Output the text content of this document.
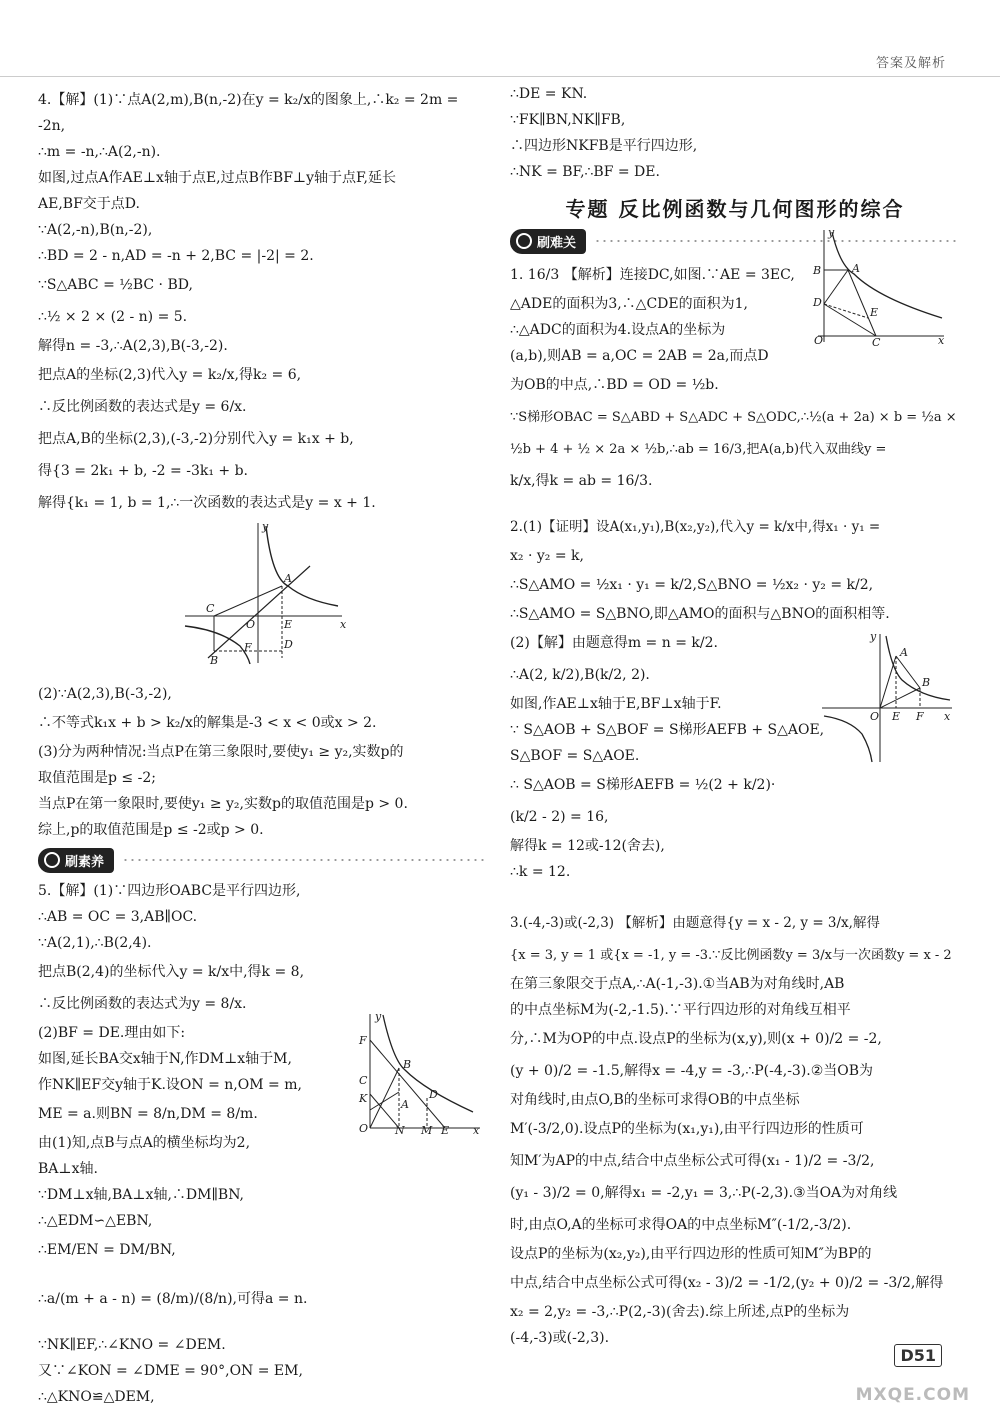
答案及解析
4.【解】(1)∵点A(2,m),B(n,-2)在y = k₂/x的图象上,∴k₂ = 2m =
-2n,
∴m = -n,∴A(2,-n).
如图,过点A作AE⊥x轴于点E,过点B作BF⊥y轴于点F,延长
AE,BF交于点D.
∵A(2,-n),B(n,-2),
∴BD = 2 - n,AD = -n + 2,BC = |-2| = 2.
∵S△ABC = ½BC · BD,
∴½ × 2 × (2 - n) = 5.
解得n = -3,∴A(2,3),B(-3,-2).
把点A的坐标(2,3)代入y = k₂/x,得k₂ = 6,
∴反比例函数的表达式是y = 6/x.
把点A,B的坐标(2,3),(-3,-2)分别代入y = k₁x + b,
得{3 = 2k₁ + b, -2 = -3k₁ + b.
解得{k₁ = 1, b = 1,∴一次函数的表达式是y = x + 1.
(2)∵A(2,3),B(-3,-2),
∴不等式k₁x + b > k₂/x的解集是-3 < x < 0或x > 2.
(3)分为两种情况:当点P在第三象限时,要使y₁ ≥ y₂,实数p的
取值范围是p ≤ -2;
当点P在第一象限时,要使y₁ ≥ y₂,实数p的取值范围是p > 0.
综上,p的取值范围是p ≤ -2或p > 0.
刷素养
5.【解】(1)∵四边形OABC是平行四边形,
∴AB = OC = 3,AB∥OC.
∵A(2,1),∴B(2,4).
把点B(2,4)的坐标代入y = k/x中,得k = 8,
∴反比例函数的表达式为y = 8/x.
(2)BF = DE.理由如下:
如图,延长BA交x轴于N,作DM⊥x轴于M,
作NK∥EF交y轴于K.设ON = n,OM = m,
ME = a.则BN = 8/n,DM = 8/m.
由(1)知,点B与点A的横坐标均为2,
BA⊥x轴.
∵DM⊥x轴,BA⊥x轴,∴DM∥BN,
∴△EDM∽△EBN,
∴EM/EN = DM/BN,
∴a/(m + a - n) = (8/m)/(8/n),可得a = n.
∵NK∥EF,∴∠KNO = ∠DEM.
又∵∠KON = ∠DME = 90°,ON = EM,
∴△KNO≌△DEM,
y
A
C
O	E	x
B
F	D
y
F
B
C
K	D
A
O N M E x
∴DE = KN.
∵FK∥BN,NK∥FB,
∴四边形NKFB是平行四边形,
∴NK = BF,∴BF = DE.
专题 反比例函数与几何图形的综合
刷难关
1. 16/3 【解析】连接DC,如图.∵AE = 3EC,
△ADE的面积为3,∴△CDE的面积为1,
∴△ADC的面积为4.设点A的坐标为
(a,b),则AB = a,OC = 2AB = 2a,而点D
为OB的中点,∴BD = OD = ½b.
∵S梯形OBAC = S△ABD + S△ADC + S△ODC,∴½(a + 2a) × b = ½a ×
½b + 4 + ½ × 2a × ½b,∴ab = 16/3,把A(a,b)代入双曲线y =
k/x,得k = ab = 16/3.
2.(1)【证明】设A(x₁,y₁),B(x₂,y₂),代入y = k/x中,得x₁ · y₁ =
x₂ · y₂ = k,
∴S△AMO = ½x₁ · y₁ = k/2,S△BNO = ½x₂ · y₂ = k/2,
∴S△AMO = S△BNO,即△AMO的面积与△BNO的面积相等.
(2)【解】由题意得m = n = k/2.
∴A(2, k/2),B(k/2, 2).
如图,作AE⊥x轴于E,BF⊥x轴于F.
∵ S△AOB + S△BOF = S梯形AEFB + S△AOE,
S△BOF = S△AOE.
∴ S△AOB = S梯形AEFB = ½(2 + k/2)·
(k/2 - 2) = 16,
解得k = 12或-12(舍去),
∴k = 12.
3.(-4,-3)或(-2,3) 【解析】由题意得{y = x - 2, y = 3/x,解得
{x = 3, y = 1 或{x = -1, y = -3.∵反比例函数y = 3/x与一次函数y = x - 2
在第三象限交于点A,∴A(-1,-3).①当AB为对角线时,AB
的中点坐标M为(-2,-1.5).∵平行四边形的对角线互相平
分,∴M为OP的中点.设点P的坐标为(x,y),则(x + 0)/2 = -2,
(y + 0)/2 = -1.5,解得x = -4,y = -3,∴P(-4,-3).②当OB为
对角线时,由点O,B的坐标可求得OB的中点坐标
M′(-3/2,0).设点P的坐标为(x₁,y₁),由平行四边形的性质可
知M′为AP的中点,结合中点坐标公式可得(x₁ - 1)/2 = -3/2,
(y₁ - 3)/2 = 0,解得x₁ = -2,y₁ = 3,∴P(-2,3).③当OA为对角线
时,由点O,A的坐标可求得OA的中点坐标M″(-1/2,-3/2).
设点P的坐标为(x₂,y₂),由平行四边形的性质可知M″为BP的
中点,结合中点坐标公式可得(x₂ - 3)/2 = -1/2,(y₂ + 0)/2 = -3/2,解得
x₂ = 2,y₂ = -3,∴P(2,-3)(舍去).综上所述,点P的坐标为
(-4,-3)或(-2,3).
y
B	A
D
E
O	C	x
y
A
B
O E F x
D51
MXQE.COM
